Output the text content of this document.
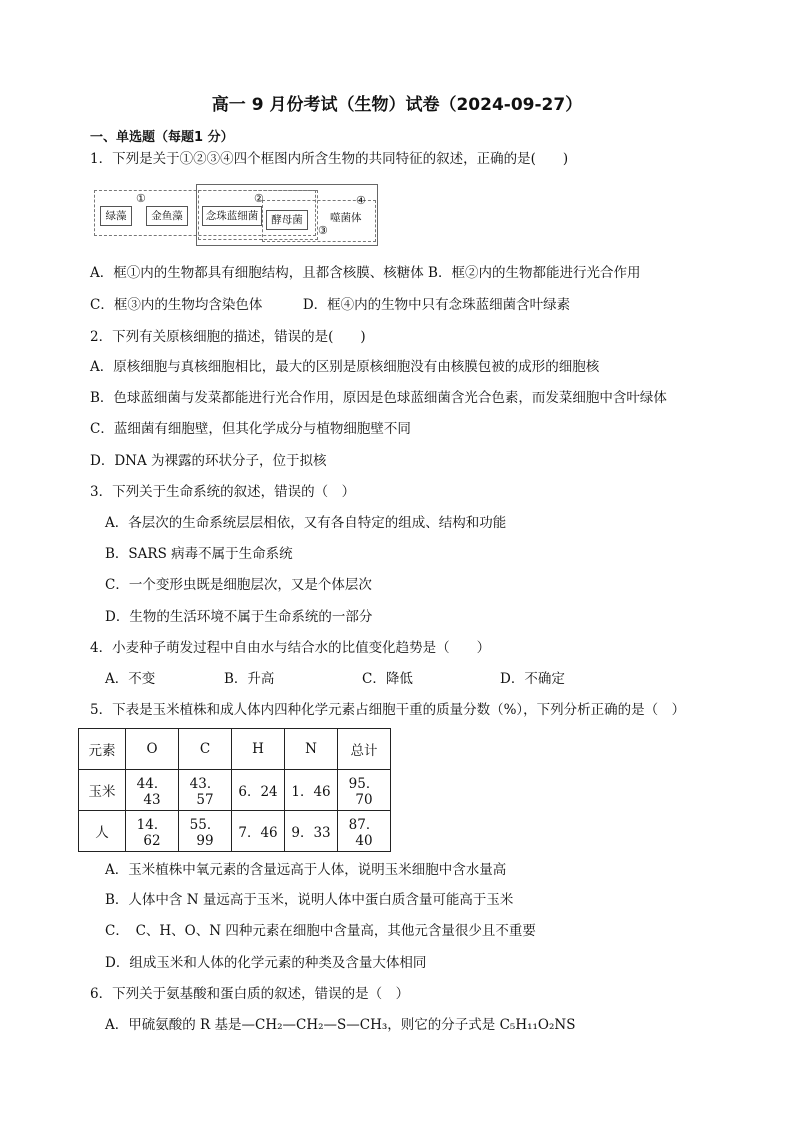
高一 9 月份考试（生物）试卷（2024-09-27）
一、单选题（每题1 分）
1．下列是关于①②③④四个框图内所含生物的共同特征的叙述，正确的是(　　)
①	②
③
④
绿藻	金鱼藻	念珠蓝细菌	酵母菌	噬菌体
A．框①内的生物都具有细胞结构，且都含核膜、核糖体 B．框②内的生物都能进行光合作用
C．框③内的生物均含染色体　　　D．框④内的生物中只有念珠蓝细菌含叶绿素
2．下列有关原核细胞的描述，错误的是(　　)
A．原核细胞与真核细胞相比，最大的区别是原核细胞没有由核膜包被的成形的细胞核
B．色球蓝细菌与发菜都能进行光合作用，原因是色球蓝细菌含光合色素，而发菜细胞中含叶绿体
C．蓝细菌有细胞壁，但其化学成分与植物细胞壁不同
D．DNA 为裸露的环状分子，位于拟核
3．下列关于生命系统的叙述，错误的（　）
A．各层次的生命系统层层相依，又有各自特定的组成、结构和功能
B．SARS 病毒不属于生命系统
C．一个变形虫既是细胞层次，又是个体层次
D．生物的生活环境不属于生命系统的一部分
4．小麦种子萌发过程中自由水与结合水的比值变化趋势是（　　）
A．不变	B．升高	C．降低	D．不确定
5．下表是玉米植株和成人体内四种化学元素占细胞干重的质量分数（%），下列分析正确的是（　）
元素	O	C	H	N	总计
玉米	44．43	43．57	6．24	1．46	95．70
人	14．62	55．99	7．46	9．33	87．40
A．玉米植株中氧元素的含量远高于人体，说明玉米细胞中含水量高
B．人体中含 N 量远高于玉米，说明人体中蛋白质含量可能高于玉米
C．　C、H、O、N 四种元素在细胞中含量高，其他元含量很少且不重要
D．组成玉米和人体的化学元素的种类及含量大体相同
6．下列关于氨基酸和蛋白质的叙述，错误的是（　）
A．甲硫氨酸的 R 基是—CH₂—CH₂—S—CH₃，则它的分子式是 C₅H₁₁O₂NS
